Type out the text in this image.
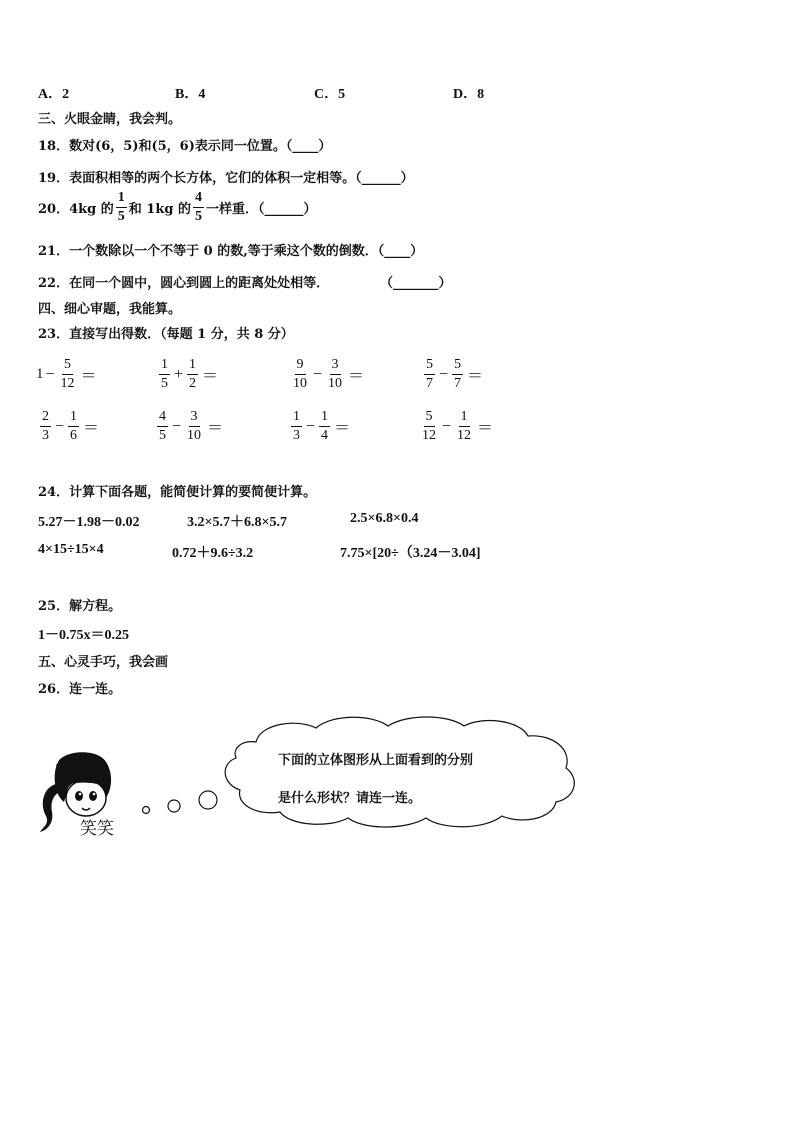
A．2	B．4	C．5	D．8
三、火眼金睛，我会判。
18．数对(6，5)和(5，6)表示同一位置。（____）
19．表面积相等的两个长方体，它们的体积一定相等。（______）
20．4kg 的 $\frac{1}{5}$ 和 1kg 的 $\frac{4}{5}$ 一样重．（______）
21．一个数除以一个不等于 0 的数,等于乘这个数的倒数．（____）
22．在同一个圆中，圆心到圆上的距离处处相等．	（_______）
四、细心审题，我能算。
23．直接写出得数．（每题 1 分，共 8 分）
$1 - \frac{5}{12}$ ＝	$\frac{1}{5} + \frac{1}{2}$ ＝	$\frac{9}{10} - \frac{3}{10}$ ＝	$\frac{5}{7} - \frac{5}{7}$ ＝
$\frac{2}{3} - \frac{1}{6}$ ＝	$\frac{4}{5} - \frac{3}{10}$ ＝	$\frac{1}{3} - \frac{1}{4}$ ＝	$\frac{5}{12} - \frac{1}{12}$ ＝
24．计算下面各题，能简便计算的要简便计算。
5.27－1.98－0.02	3.2×5.7＋6.8×5.7	2.5×6.8×0.4
4×15÷15×4	0.72＋9.6÷3.2	7.75×[20÷（3.24－3.04]
25．解方程。
1－0.75x＝0.25
五、心灵手巧，我会画
26．连一连。
笑笑
下面的立体图形从上面看到的分别
是什么形状？请连一连。
